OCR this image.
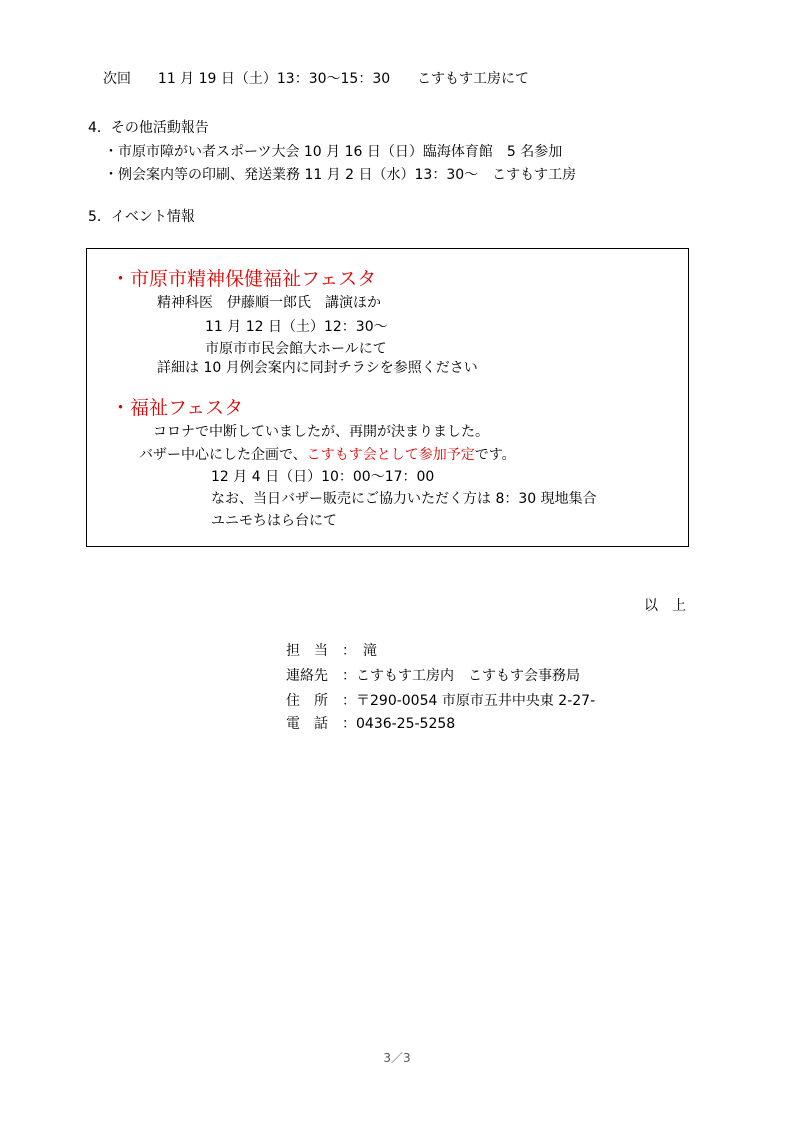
次回 11 月 19 日（土）13：30〜15：30 こすもす工房にて
4．その他活動報告
・市原市障がい者スポーツ大会 10 月 16 日（日）臨海体育館　5 名参加
・例会案内等の印刷、発送業務 11 月 2 日（水）13：30〜　こすもす工房
5．イベント情報
・市原市精神保健福祉フェスタ
精神科医　伊藤順一郎氏　講演ほか
11 月 12 日（土）12：30〜
市原市市民会館大ホールにて
詳細は 10 月例会案内に同封チラシを参照ください
・福祉フェスタ
コロナで中断していましたが、再開が決まりました。
バザー中心にした企画で、こすもす会として参加予定です。
12 月 4 日（日）10：00〜17：00
なお、当日バザー販売にご協力いただく方は 8：30 現地集合
ユニモちはら台にて
以　上
担　当 ：　滝
連絡先 ：こすもす工房内　こすもす会事務局
住　所 ：〒290-0054 市原市五井中央東 2-27-
電　話 ：0436-25-5258
3／3
